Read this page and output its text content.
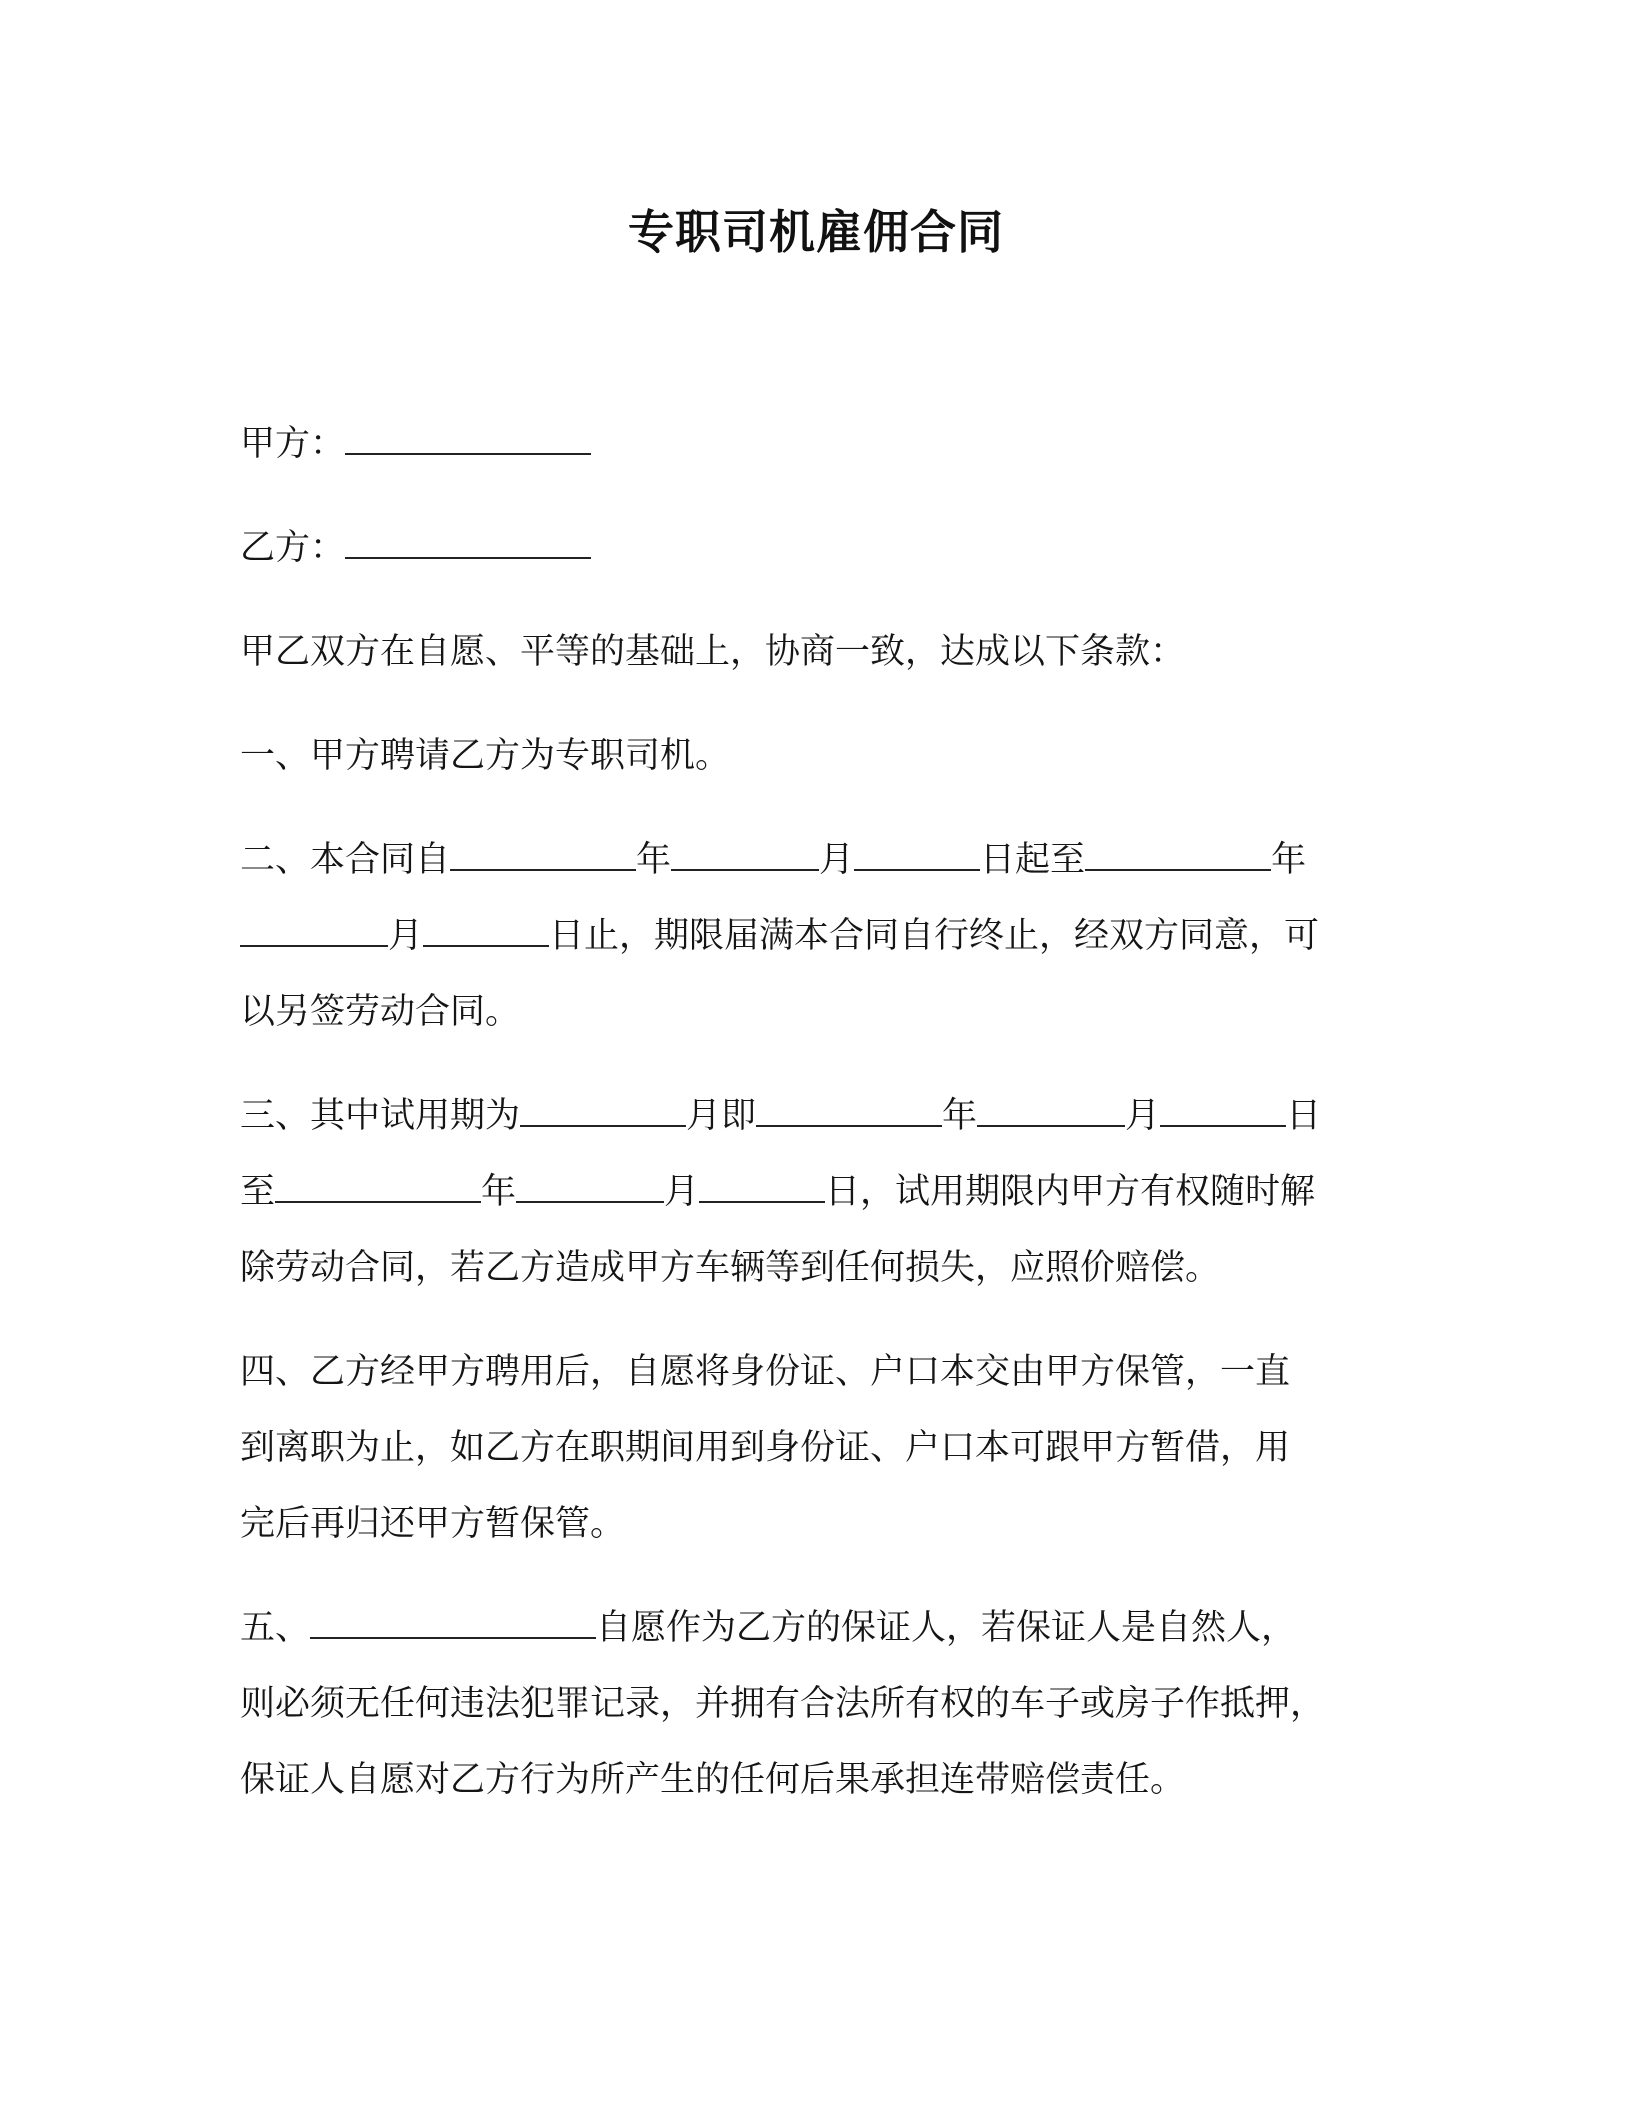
专职司机雇佣合同
甲方：
乙方：
甲乙双方在自愿、平等的基础上，协商一致，达成以下条款：
一、甲方聘请乙方为专职司机。
二、本合同自	年	月	日起至	年
月	日止，期限届满本合同自行终止，经双方同意，可
以另签劳动合同。
三、其中试用期为	月即	年	月	日
至	年	月	日，试用期限内甲方有权随时解
除劳动合同，若乙方造成甲方车辆等到任何损失，应照价赔偿。
四、乙方经甲方聘用后，自愿将身份证、户口本交由甲方保管，一直
到离职为止，如乙方在职期间用到身份证、户口本可跟甲方暂借，用
完后再归还甲方暂保管。
五、	自愿作为乙方的保证人，若保证人是自然人，
则必须无任何违法犯罪记录，并拥有合法所有权的车子或房子作抵押，
保证人自愿对乙方行为所产生的任何后果承担连带赔偿责任。
